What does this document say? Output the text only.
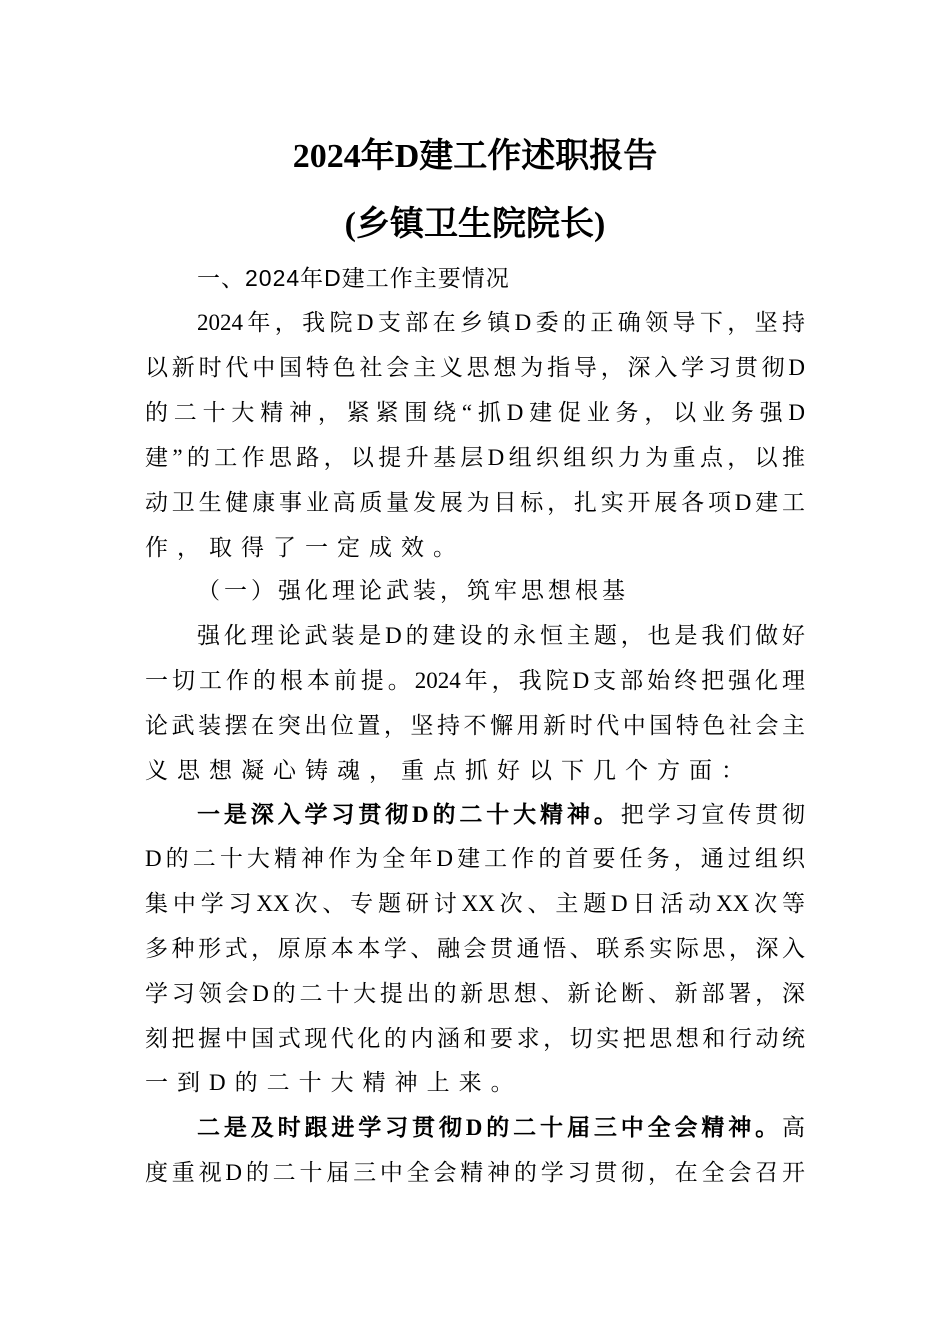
2024年D建工作述职报告
(乡镇卫生院院长)
一、2024年D建工作主要情况
2024年，我院D支部在乡镇D委的正确领导下，坚持
以新时代中国特色社会主义思想为指导，深入学习贯彻D
的二十大精神，紧紧围绕“抓D建促业务，以业务强D
建”的工作思路，以提升基层D组织组织力为重点，以推
动卫生健康事业高质量发展为目标，扎实开展各项D建工
作，取得了一定成效。
（一）强化理论武装，筑牢思想根基
强化理论武装是D的建设的永恒主题，也是我们做好
一切工作的根本前提。2024年，我院D支部始终把强化理
论武装摆在突出位置，坚持不懈用新时代中国特色社会主
义思想凝心铸魂，重点抓好以下几个方面：
一是深入学习贯彻D的二十大精神。把学习宣传贯彻
D的二十大精神作为全年D建工作的首要任务，通过组织
集中学习XX次、专题研讨XX次、主题D日活动XX次等
多种形式，原原本本学、融会贯通悟、联系实际思，深入
学习领会D的二十大提出的新思想、新论断、新部署，深
刻把握中国式现代化的内涵和要求，切实把思想和行动统
一到D的二十大精神上来。
二是及时跟进学习贯彻D的二十届三中全会精神。高
度重视D的二十届三中全会精神的学习贯彻，在全会召开
